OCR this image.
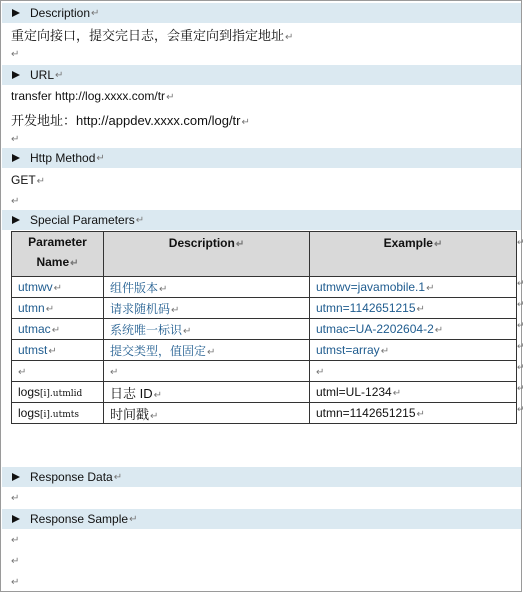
Description ↵
重定向接口，提交完日志，会重定向到指定地址↵
↵
URL ↵
transfer http://log.xxxx.com/tr↵
开发地址：http://appdev.xxxx.com/log/tr↵
↵
Http Method ↵
GET↵
↵
Special Parameters ↵
Parameter Name↵	Description↵	Example↵
utmwv↵	组件版本↵	utmwv=javamobile.1↵
utmn↵	请求随机码↵	utmn=1142651215↵
utmac↵	系统唯一标识↵	utmac=UA-2202604-2↵
utmst↵	提交类型，值固定↵	utmst=array↵
↵	↵	↵
logs[i].utmlid	日志 ID↵	utml=UL-1234↵
logs[i].utmts	时间戳↵	utmn=1142651215↵
↵
↵
↵
↵
↵
↵
↵
↵
Response Data ↵
↵
Response Sample ↵
↵
↵
↵
